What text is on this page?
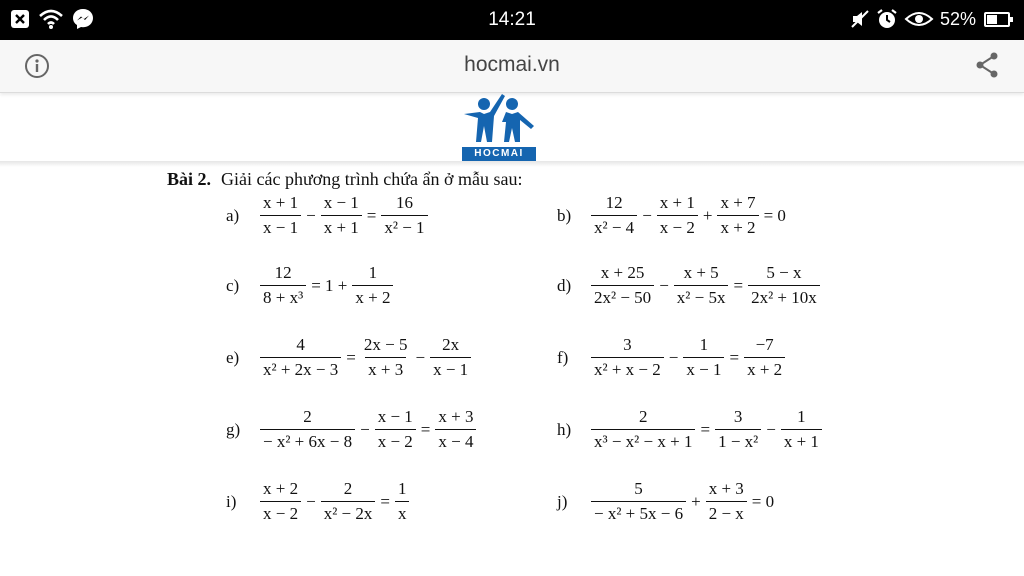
14:21	52%
hocmai.vn
HOCMAI
Bài 2. Giải các phương trình chứa ẩn ở mẫu sau:
a)	$\frac{x + 1}{x - 1} - \frac{x - 1}{x + 1} = \frac{16}{\text{x² − 1}}$	b)	$\frac{12}{\text{x² − 4}} - \frac{x + 1}{x - 2} + \frac{x + 7}{x + 2} = 0$
c)	$\frac{12}{\text{8 + x³}} = 1 + \frac{1}{x + 2}$	d)	$\frac{x + 25}{\text{2x² − 50}} - \frac{x + 5}{\text{x² − 5x}} = \frac{5 - x}{\text{2x² + 10x}}$
e)	$\frac{4}{\text{x² + 2x − 3}} = \frac{2x - 5}{x + 3} - \frac{2x}{x - 1}$	f)	$\frac{3}{\text{x² + x − 2}} - \frac{1}{x - 1} = \frac{-7}{x + 2}$
g)	$\frac{2}{\text{− x² + 6x − 8}} - \frac{x - 1}{x - 2} = \frac{x + 3}{x - 4}$	h)	$\frac{2}{\text{x³ − x² − x + 1}} = \frac{3}{\text{1 − x²}} - \frac{1}{x + 1}$
i)	$\frac{x + 2}{x - 2} - \frac{2}{\text{x² − 2x}} = \frac{1}{x}$	j)	$\frac{5}{\text{− x² + 5x − 6}} + \frac{x + 3}{2 - x} = 0$
